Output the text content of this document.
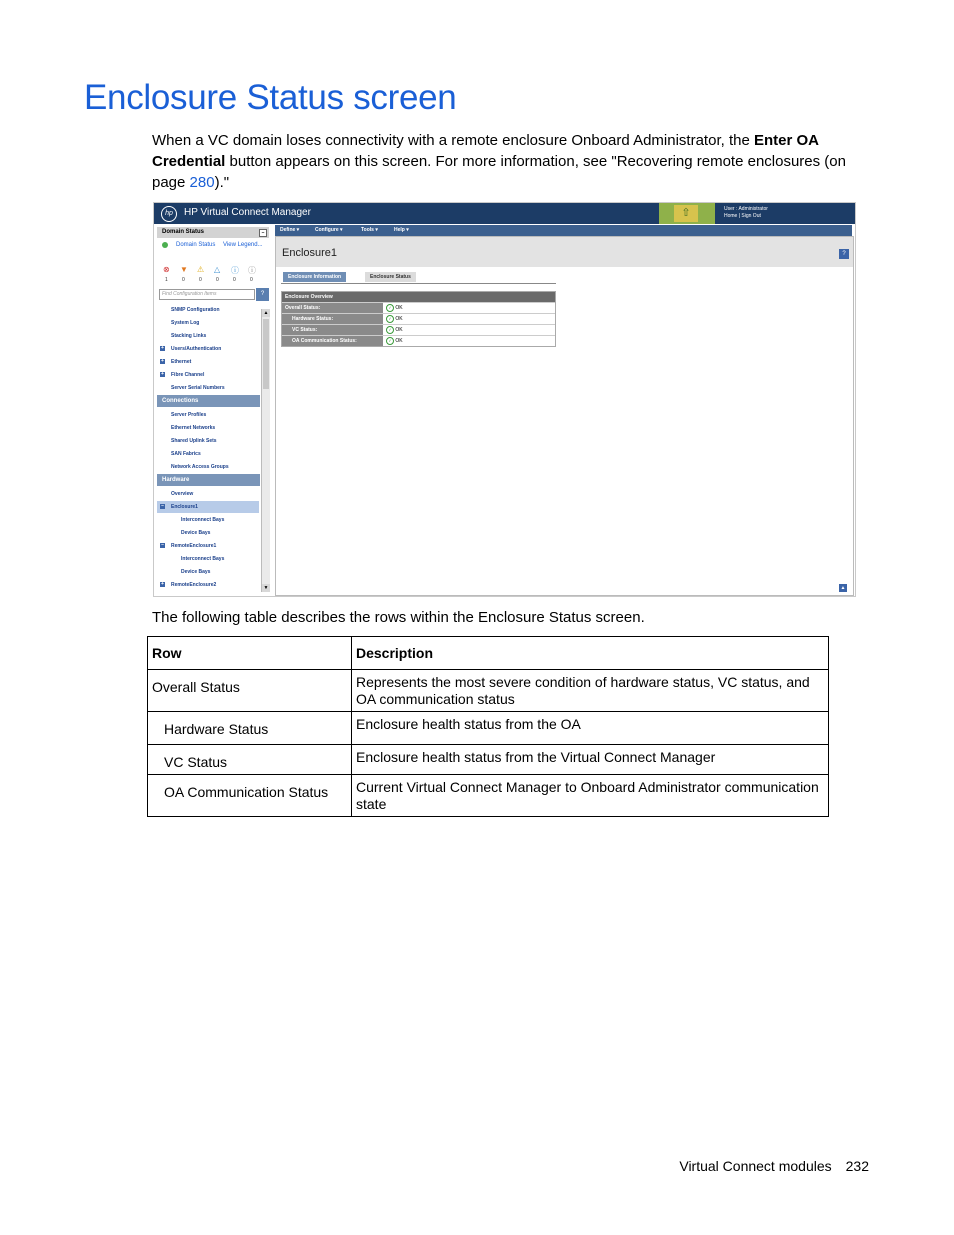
Enclosure Status screen
When a VC domain loses connectivity with a remote enclosure Onboard Administrator, the Enter OA Credential button appears on this screen. For more information, see "Recovering remote enclosures (on page 280)."
hp	HP Virtual Connect Manager	⇧	User : Administrator
Home | Sign Out
Domain Status	–
Domain Status View Legend...
⊗ ▼ ⚠ △ ⓘ ⓘ
1	0	0	0	0	0
Find Configuration Items	?
SNMP Configuration
System Log
Stacking Links
+ Users/Authentication
+ Ethernet
+ Fibre Channel
Server Serial Numbers
Connections
Server Profiles
Ethernet Networks
Shared Uplink Sets
SAN Fabrics
Network Access Groups
Hardware
Overview
– Enclosure1
Interconnect Bays
Device Bays
– RemoteEnclosure1
Interconnect Bays
Device Bays
+ RemoteEnclosure2
▲
▼
Define ▾	Configure ▾	Tools ▾	Help ▾
Enclosure1	?
Enclosure Information	Enclosure Status
Enclosure Overview
Overall Status:	✓ OK
Hardware Status:	✓ OK
VC Status:	✓ OK
OA Communication Status:	✓ OK
▲
The following table describes the rows within the Enclosure Status screen.
Row	Description
Overall Status	Represents the most severe condition of hardware status, VC status, and OA communication status
Hardware Status	Enclosure health status from the OA
VC Status	Enclosure health status from the Virtual Connect Manager
OA Communication Status	Current Virtual Connect Manager to Onboard Administrator communication state
Virtual Connect modules 232
